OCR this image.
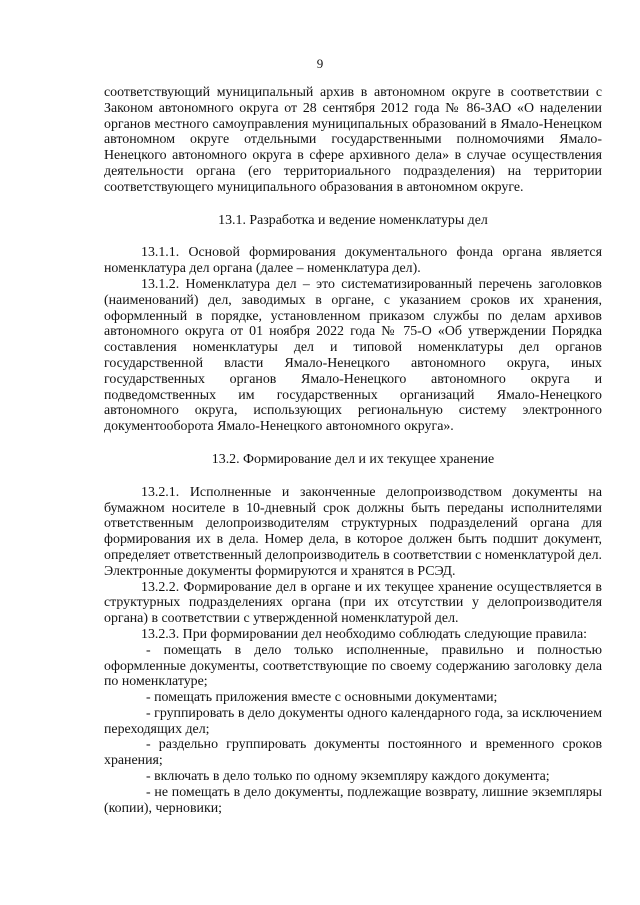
9

соответствующий муниципальный архив в автономном округе в соответствии с Законом автономного округа от 28 сентября 2012 года № 86-ЗАО «О наделении органов местного самоуправления муниципальных образований в Ямало-Ненецком автономном округе отдельными государственными полномочиями Ямало-Ненецкого автономного округа в сфере архивного дела» в случае осуществления деятельности органа (его территориального подразделения) на территории соответствующего муниципального образования в автономном округе.

13.1. Разработка и ведение номенклатуры дел

13.1.1. Основой формирования документального фонда органа является номенклатура дел органа (далее – номенклатура дел).

13.1.2. Номенклатура дел – это систематизированный перечень заголовков (наименований) дел, заводимых в органе, с указанием сроков их хранения, оформленный в порядке, установленном приказом службы по делам архивов автономного округа от 01 ноября 2022 года № 75-О «Об утверждении Порядка составления номенклатуры дел и типовой номенклатуры дел органов государственной власти Ямало-Ненецкого автономного округа, иных государственных органов Ямало-Ненецкого автономного округа и подведомственных им государственных организаций Ямало-Ненецкого автономного округа, использующих региональную систему электронного документооборота Ямало-Ненецкого автономного округа».

13.2. Формирование дел и их текущее хранение

13.2.1. Исполненные и законченные делопроизводством документы на бумажном носителе в 10-дневный срок должны быть переданы исполнителями ответственным делопроизводителям структурных подразделений органа для формирования их в дела. Номер дела, в которое должен быть подшит документ, определяет ответственный делопроизводитель в соответствии с номенклатурой дел. Электронные документы формируются и хранятся в РСЭД.

13.2.2. Формирование дел в органе и их текущее хранение осуществляется в структурных подразделениях органа (при их отсутствии у делопроизводителя органа) в соответствии с утвержденной номенклатурой дел.

13.2.3. При формировании дел необходимо соблюдать следующие правила:

- помещать в дело только исполненные, правильно и полностью оформленные документы, соответствующие по своему содержанию заголовку дела по номенклатуре;

- помещать приложения вместе с основными документами;

- группировать в дело документы одного календарного года, за исключением переходящих дел;

- раздельно группировать документы постоянного и временного сроков хранения;

- включать в дело только по одному экземпляру каждого документа;

- не помещать в дело документы, подлежащие возврату, лишние экземпляры (копии), черновики;
